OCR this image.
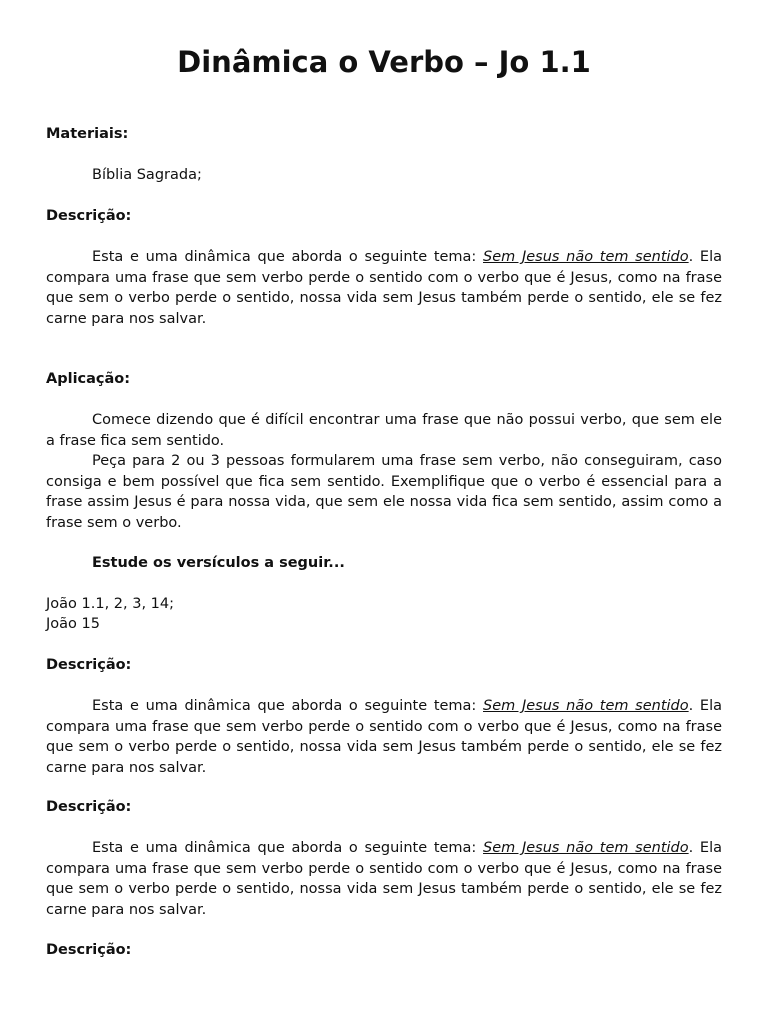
Dinâmica o Verbo – Jo 1.1

Materiais:

Bíblia Sagrada;

Descrição:

Esta e uma dinâmica que aborda o seguinte tema: Sem Jesus não tem sentido. Ela compara uma frase que sem verbo perde o sentido com o verbo que é Jesus, como na frase que sem o verbo perde o sentido, nossa vida sem Jesus também perde o sentido, ele se fez carne para nos salvar.

Aplicação:

Comece dizendo que é difícil encontrar uma frase que não possui verbo, que sem ele a frase fica sem sentido.

Peça para 2 ou 3 pessoas formularem uma frase sem verbo, não conseguiram, caso consiga e bem possível que fica sem sentido. Exemplifique que o verbo é essencial para a frase assim Jesus é para nossa vida, que sem ele nossa vida fica sem sentido, assim como a frase sem o verbo.

Estude os versículos a seguir...

João 1.1, 2, 3, 14;

João 15

Descrição:

Esta e uma dinâmica que aborda o seguinte tema: Sem Jesus não tem sentido. Ela compara uma frase que sem verbo perde o sentido com o verbo que é Jesus, como na frase que sem o verbo perde o sentido, nossa vida sem Jesus também perde o sentido, ele se fez carne para nos salvar.

Descrição:

Esta e uma dinâmica que aborda o seguinte tema: Sem Jesus não tem sentido. Ela compara uma frase que sem verbo perde o sentido com o verbo que é Jesus, como na frase que sem o verbo perde o sentido, nossa vida sem Jesus também perde o sentido, ele se fez carne para nos salvar.

Descrição:
